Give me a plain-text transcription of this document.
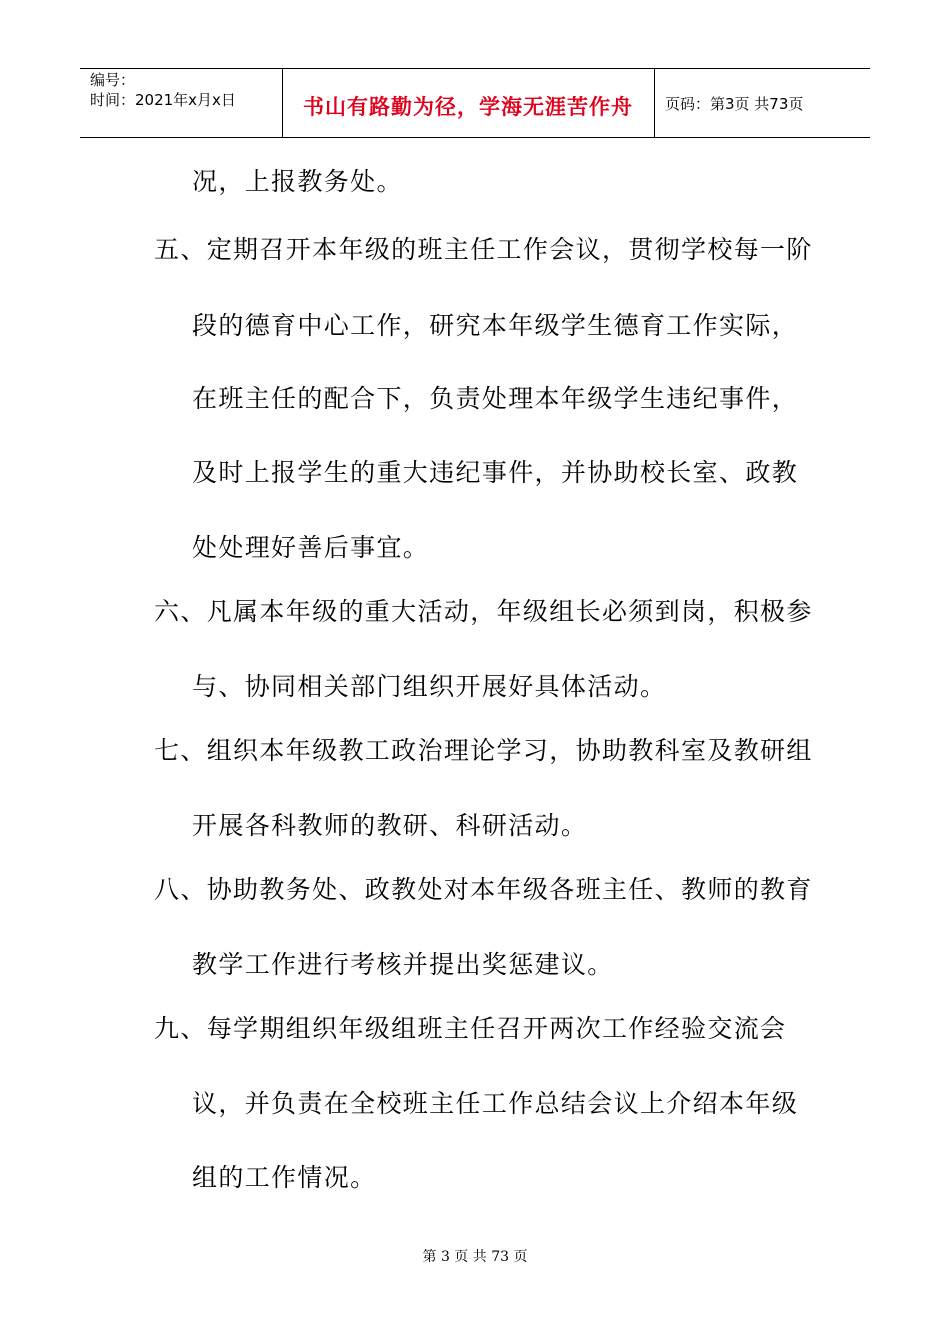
编号：
时间：2021年x月x日	书山有路勤为径，学海无涯苦作舟	页码：第3页 共73页
况，上报教务处。
五、定期召开本年级的班主任工作会议，贯彻学校每一阶
段的德育中心工作，研究本年级学生德育工作实际，
在班主任的配合下，负责处理本年级学生违纪事件，
及时上报学生的重大违纪事件，并协助校长室、政教
处处理好善后事宜。
六、凡属本年级的重大活动，年级组长必须到岗，积极参
与、协同相关部门组织开展好具体活动。
七、组织本年级教工政治理论学习，协助教科室及教研组
开展各科教师的教研、科研活动。
八、协助教务处、政教处对本年级各班主任、教师的教育
教学工作进行考核并提出奖惩建议。
九、每学期组织年级组班主任召开两次工作经验交流会
议，并负责在全校班主任工作总结会议上介绍本年级
组的工作情况。
第 3 页 共 73 页
